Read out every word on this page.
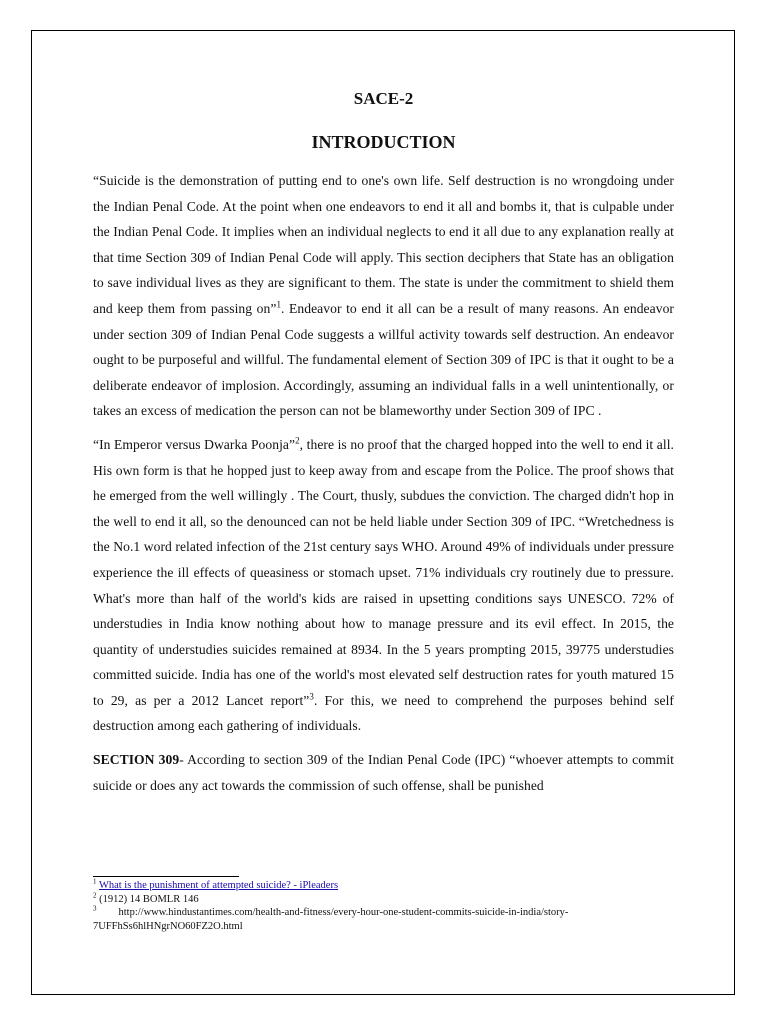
SACE-2
INTRODUCTION

“Suicide is the demonstration of putting end to one's own life. Self destruction is no wrongdoing under the Indian Penal Code. At the point when one endeavors to end it all and bombs it, that is culpable under the Indian Penal Code. It implies when an individual neglects to end it all due to any explanation really at that time Section 309 of Indian Penal Code will apply. This section deciphers that State has an obligation to save individual lives as they are significant to them. The state is under the commitment to shield them and keep them from passing on”$^1$. Endeavor to end it all can be a result of many reasons. An endeavor under section 309 of Indian Penal Code suggests a willful activity towards self destruction. An endeavor ought to be purposeful and willful. The fundamental element of Section 309 of IPC is that it ought to be a deliberate endeavor of implosion. Accordingly, assuming an individual falls in a well unintentionally, or takes an excess of medication the person can not be blameworthy under Section 309 of IPC .

“In Emperor versus Dwarka Poonja”$^2$, there is no proof that the charged hopped into the well to end it all. His own form is that he hopped just to keep away from and escape from the Police. The proof shows that he emerged from the well willingly . The Court, thusly, subdues the conviction. The charged didn't hop in the well to end it all, so the denounced can not be held liable under Section 309 of IPC. “Wretchedness is the No.1 word related infection of the 21st century says WHO. Around 49% of individuals under pressure experience the ill effects of queasiness or stomach upset. 71% individuals cry routinely due to pressure. What's more than half of the world's kids are raised in upsetting conditions says UNESCO. 72% of understudies in India know nothing about how to manage pressure and its evil effect. In 2015, the quantity of understudies suicides remained at 8934. In the 5 years prompting 2015, 39775 understudies committed suicide. India has one of the world's most elevated self destruction rates for youth matured 15 to 29, as per a 2012 Lancet report”$^3$. For this, we need to comprehend the purposes behind self destruction among each gathering of individuals.

SECTION 309- According to section 309 of the Indian Penal Code (IPC) “whoever attempts to commit suicide or does any act towards the commission of such offense, shall be punished

$^1$ What is the punishment of attempted suicide? - iPleaders

$^2$ (1912) 14 BOMLR 146

$^3$ http://www.hindustantimes.com/health-and-fitness/every-hour-one-student-commits-suicide-in-india/story-7UFFhSs6hlHNgrNO60FZ2O.html
